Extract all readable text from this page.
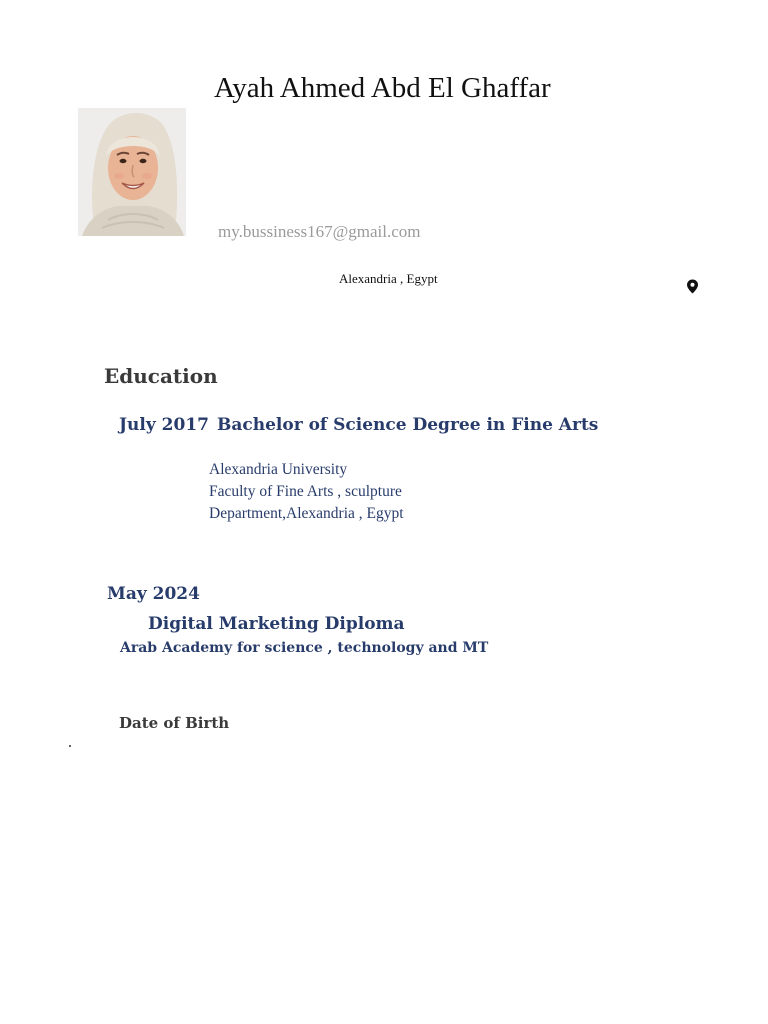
Ayah Ahmed Abd El Ghaffar
my.bussiness167@gmail.com
Alexandria , Egypt
Education
July 2017 Bachelor of Science Degree in Fine Arts
Alexandria University
Faculty of Fine Arts , sculpture
Department,Alexandria , Egypt
May 2024
Digital Marketing Diploma
Arab Academy for science , technology and MT
Date of Birth
